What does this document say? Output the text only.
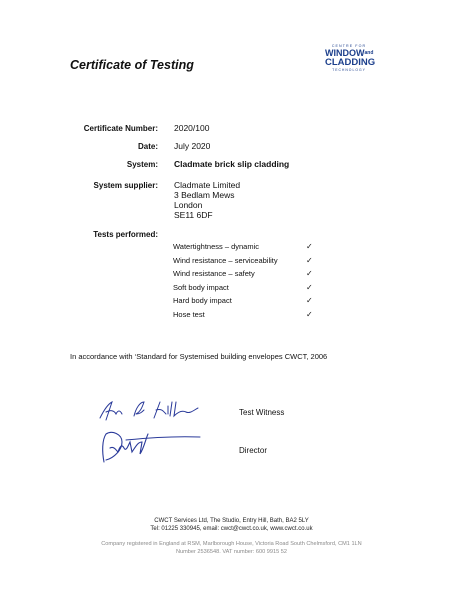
Certificate of Testing
CENTRE FOR
WINDOWand
CLADDING
TECHNOLOGY
Certificate Number: 2020/100
Date: July 2020
System: Cladmate brick slip cladding
System supplier: Cladmate Limited
3 Bedlam Mews
London
SE11 6DF
Tests performed:
Watertightness – dynamic	✓
Wind resistance – serviceability	✓
Wind resistance – safety	✓
Soft body impact	✓
Hard body impact	✓
Hose test	✓
In accordance with ‘Standard for Systemised building envelopes CWCT, 2006
Test Witness
Director
CWCT Services Ltd, The Studio, Entry Hill, Bath, BA2 5LY
Tel: 01225 330945, email: cwct@cwct.co.uk, www.cwct.co.uk
Company registered in England at RSM, Marlborough House, Victoria Road South Chelmsford, CM1 1LN
Number 2536548. VAT number: 600 9915 52
